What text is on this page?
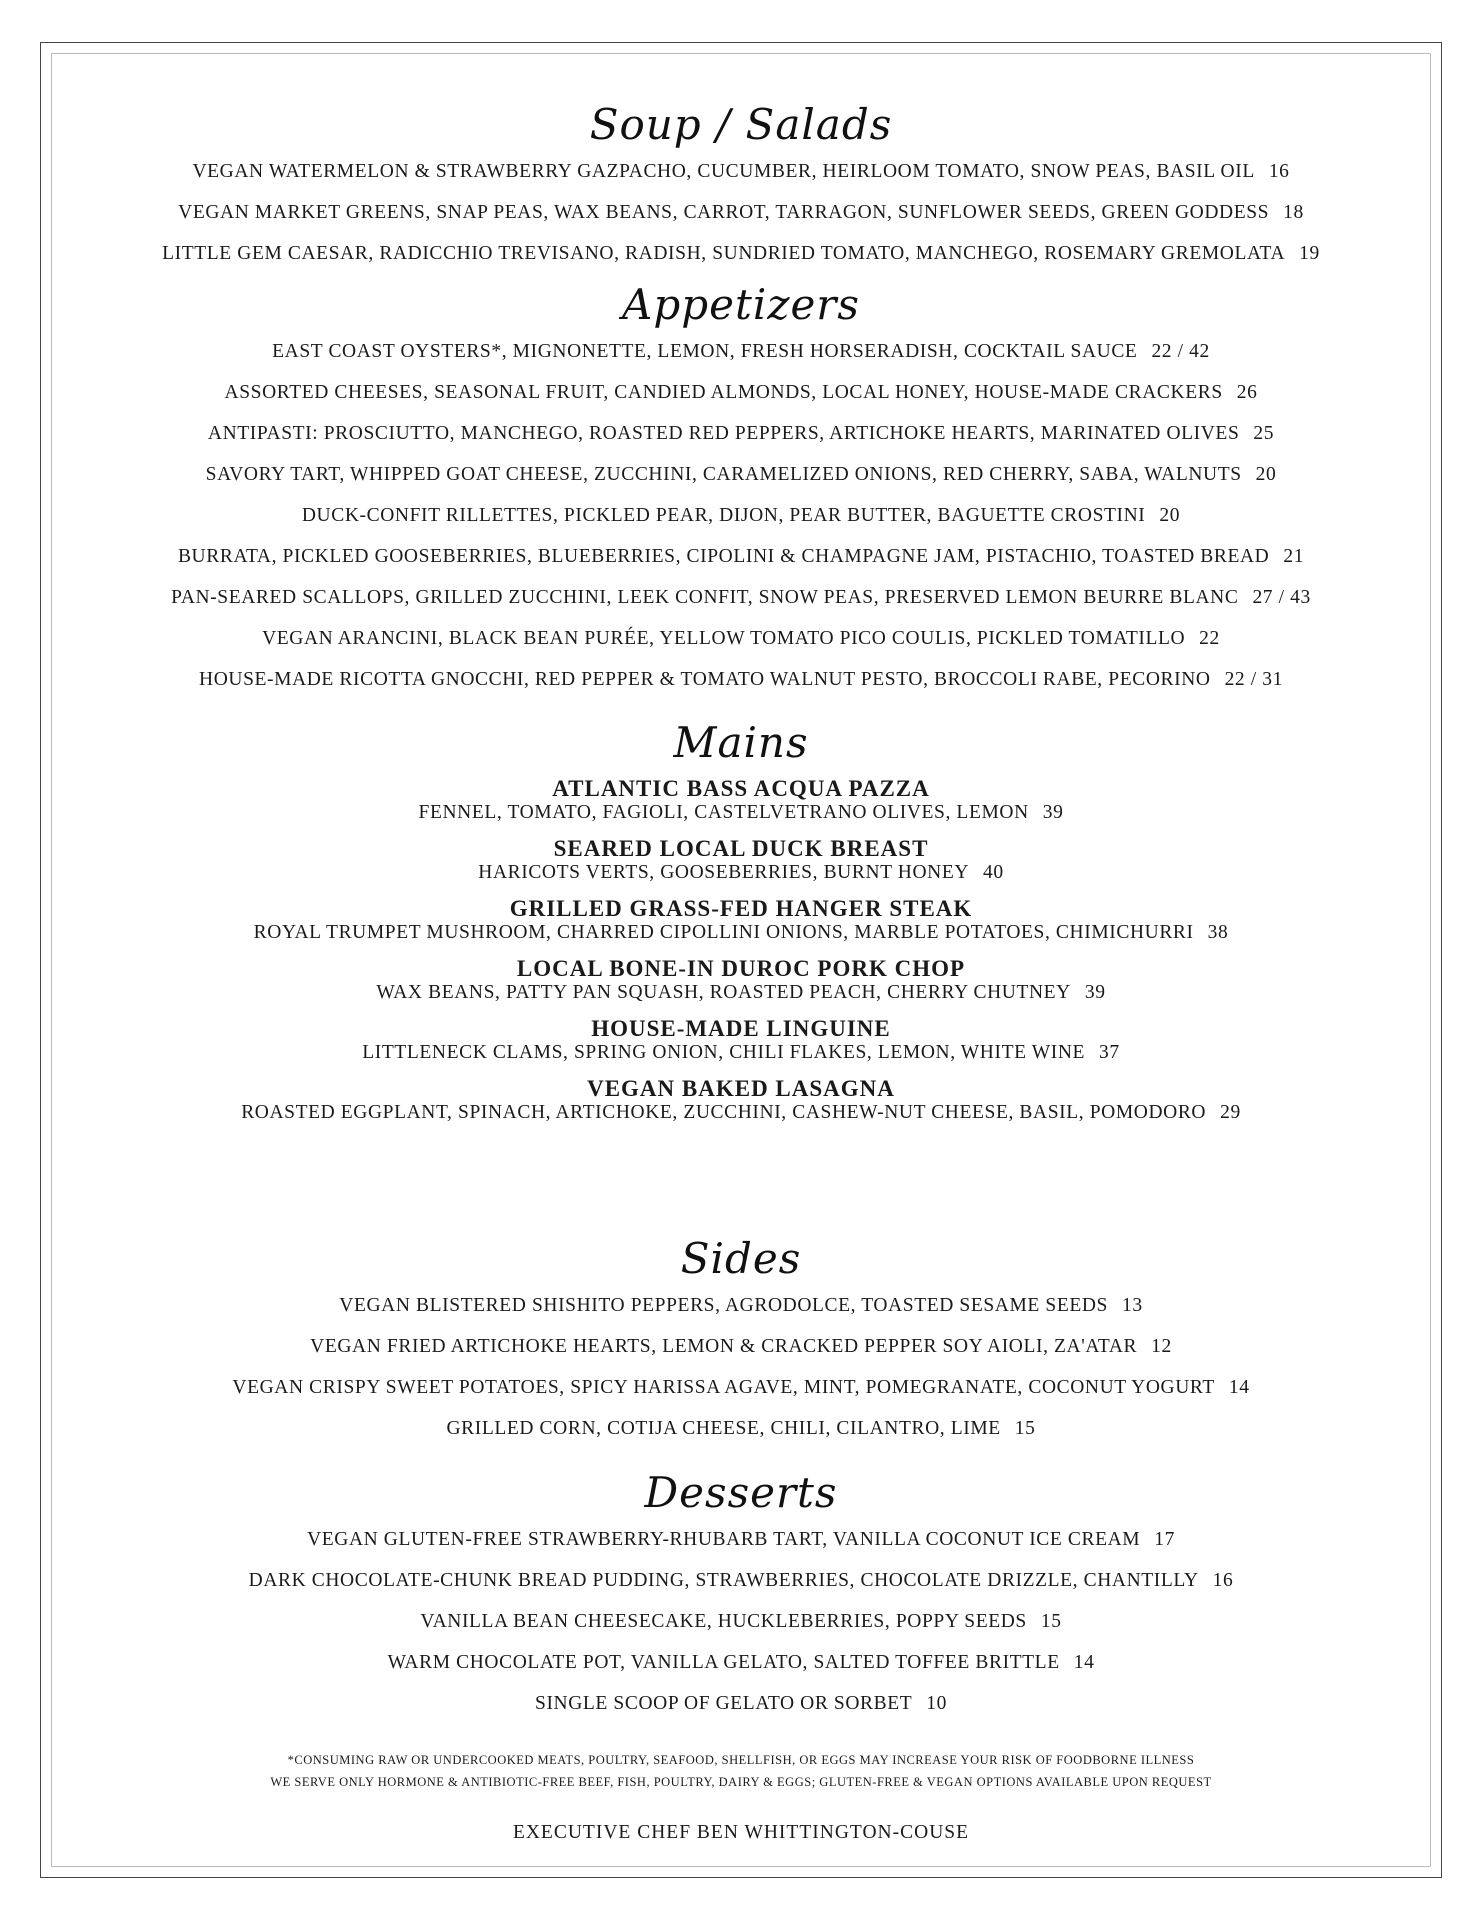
Soup / Salads
VEGAN WATERMELON & STRAWBERRY GAZPACHO, CUCUMBER, HEIRLOOM TOMATO, SNOW PEAS, BASIL OIL 16
VEGAN MARKET GREENS, SNAP PEAS, WAX BEANS, CARROT, TARRAGON, SUNFLOWER SEEDS, GREEN GODDESS 18
LITTLE GEM CAESAR, RADICCHIO TREVISANO, RADISH, SUNDRIED TOMATO, MANCHEGO, ROSEMARY GREMOLATA 19
Appetizers
EAST COAST OYSTERS*, MIGNONETTE, LEMON, FRESH HORSERADISH, COCKTAIL SAUCE 22 / 42
ASSORTED CHEESES, SEASONAL FRUIT, CANDIED ALMONDS, LOCAL HONEY, HOUSE-MADE CRACKERS 26
ANTIPASTI: PROSCIUTTO, MANCHEGO, ROASTED RED PEPPERS, ARTICHOKE HEARTS, MARINATED OLIVES 25
SAVORY TART, WHIPPED GOAT CHEESE, ZUCCHINI, CARAMELIZED ONIONS, RED CHERRY, SABA, WALNUTS 20
DUCK-CONFIT RILLETTES, PICKLED PEAR, DIJON, PEAR BUTTER, BAGUETTE CROSTINI 20
BURRATA, PICKLED GOOSEBERRIES, BLUEBERRIES, CIPOLINI & CHAMPAGNE JAM, PISTACHIO, TOASTED BREAD 21
PAN-SEARED SCALLOPS, GRILLED ZUCCHINI, LEEK CONFIT, SNOW PEAS, PRESERVED LEMON BEURRE BLANC 27 / 43
VEGAN ARANCINI, BLACK BEAN PURÉE, YELLOW TOMATO PICO COULIS, PICKLED TOMATILLO 22
HOUSE-MADE RICOTTA GNOCCHI, RED PEPPER & TOMATO WALNUT PESTO, BROCCOLI RABE, PECORINO 22 / 31
Mains
ATLANTIC BASS ACQUA PAZZA
FENNEL, TOMATO, FAGIOLI, CASTELVETRANO OLIVES, LEMON 39
SEARED LOCAL DUCK BREAST
HARICOTS VERTS, GOOSEBERRIES, BURNT HONEY 40
GRILLED GRASS-FED HANGER STEAK
ROYAL TRUMPET MUSHROOM, CHARRED CIPOLLINI ONIONS, MARBLE POTATOES, CHIMICHURRI 38
LOCAL BONE-IN DUROC PORK CHOP
WAX BEANS, PATTY PAN SQUASH, ROASTED PEACH, CHERRY CHUTNEY 39
HOUSE-MADE LINGUINE
LITTLENECK CLAMS, SPRING ONION, CHILI FLAKES, LEMON, WHITE WINE 37
VEGAN BAKED LASAGNA
ROASTED EGGPLANT, SPINACH, ARTICHOKE, ZUCCHINI, CASHEW-NUT CHEESE, BASIL, POMODORO 29
Sides
VEGAN BLISTERED SHISHITO PEPPERS, AGRODOLCE, TOASTED SESAME SEEDS 13
VEGAN FRIED ARTICHOKE HEARTS, LEMON & CRACKED PEPPER SOY AIOLI, ZA'ATAR 12
VEGAN CRISPY SWEET POTATOES, SPICY HARISSA AGAVE, MINT, POMEGRANATE, COCONUT YOGURT 14
GRILLED CORN, COTIJA CHEESE, CHILI, CILANTRO, LIME 15
Desserts
VEGAN GLUTEN-FREE STRAWBERRY-RHUBARB TART, VANILLA COCONUT ICE CREAM 17
DARK CHOCOLATE-CHUNK BREAD PUDDING, STRAWBERRIES, CHOCOLATE DRIZZLE, CHANTILLY 16
VANILLA BEAN CHEESECAKE, HUCKLEBERRIES, POPPY SEEDS 15
WARM CHOCOLATE POT, VANILLA GELATO, SALTED TOFFEE BRITTLE 14
SINGLE SCOOP OF GELATO OR SORBET 10
*CONSUMING RAW OR UNDERCOOKED MEATS, POULTRY, SEAFOOD, SHELLFISH, OR EGGS MAY INCREASE YOUR RISK OF FOODBORNE ILLNESS
WE SERVE ONLY HORMONE & ANTIBIOTIC-FREE BEEF, FISH, POULTRY, DAIRY & EGGS; GLUTEN-FREE & VEGAN OPTIONS AVAILABLE UPON REQUEST
EXECUTIVE CHEF BEN WHITTINGTON-COUSE
